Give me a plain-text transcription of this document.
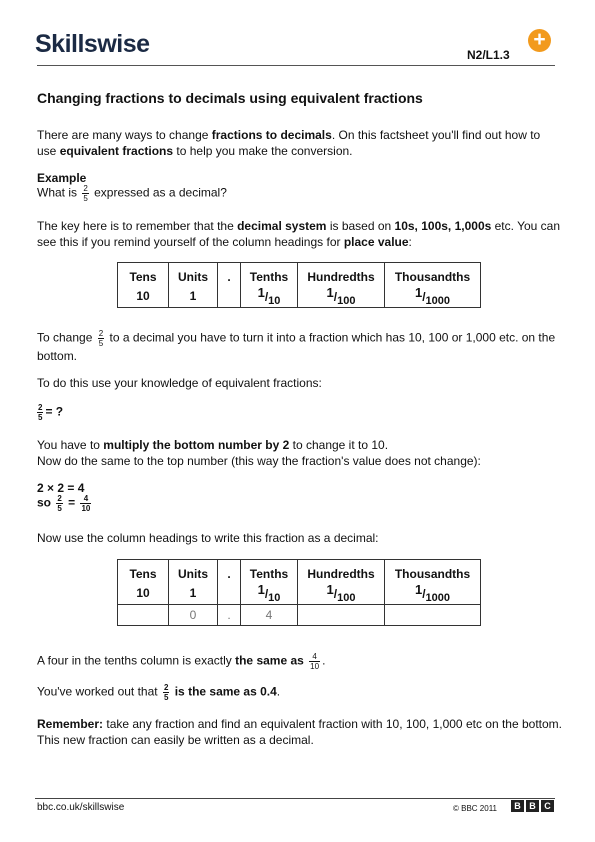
Skillswise	+
N2/L1.3
Changing fractions to decimals using equivalent fractions
There are many ways to change fractions to decimals. On this factsheet you'll find out how to use equivalent fractions to help you make the conversion.
Example
What is $\frac{2}{5}$ expressed as a decimal?
The key here is to remember that the decimal system is based on 10s, 100s, 1,000s etc. You can see this if you remind yourself of the column headings for place value:
Tens	Units	.	Tenths	Hundredths	Thousandths
10	1		1/10	1/100	1/1000
To change $\frac{2}{5}$ to a decimal you have to turn it into a fraction which has 10, 100 or 1,000 etc. on the bottom.
To do this use your knowledge of equivalent fractions:
$\frac{2}{5}$ = ?
You have to multiply the bottom number by 2 to change it to 10.
Now do the same to the top number (this way the fraction's value does not change):
2 × 2 = 4
so $\frac{2}{5} = \frac{4}{10}$
Now use the column headings to write this fraction as a decimal:
Tens	Units	.	Tenths	Hundredths	Thousandths
10	1		1/10	1/100	1/1000
	0	.	4		
A four in the tenths column is exactly the same as $\frac{4}{10}$ .
You've worked out that $\frac{2}{5}$ is the same as 0.4.
Remember: take any fraction and find an equivalent fraction with 10, 100, 1,000 etc on the bottom. This new fraction can easily be written as a decimal.
bbc.co.uk/skillswise	© BBC 2011	B B C
